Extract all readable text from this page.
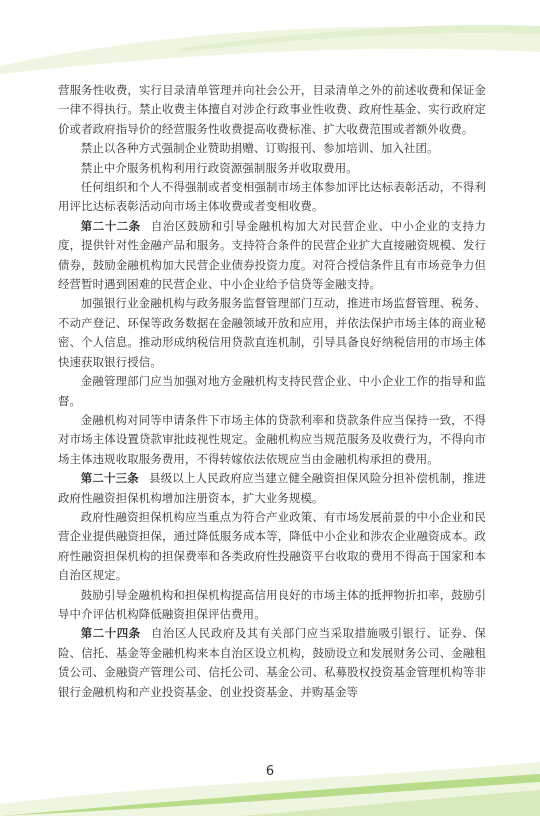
营服务性收费，实行目录清单管理并向社会公开，目录清单之外的前述收费和保证金一律不得执行。禁止收费主体擅自对涉企行政事业性收费、政府性基金、实行政府定价或者政府指导价的经营服务性收费提高收费标准、扩大收费范围或者额外收费。

禁止以各种方式强制企业赞助捐赠、订购报刊、参加培训、加入社团。

禁止中介服务机构利用行政资源强制服务并收取费用。

任何组织和个人不得强制或者变相强制市场主体参加评比达标表彰活动，不得利用评比达标表彰活动向市场主体收费或者变相收费。

第二十二条 自治区鼓励和引导金融机构加大对民营企业、中小企业的支持力度，提供针对性金融产品和服务。支持符合条件的民营企业扩大直接融资规模、发行债券，鼓励金融机构加大民营企业债券投资力度。对符合授信条件且有市场竞争力但经营暂时遇到困难的民营企业、中小企业给予信贷等金融支持。

加强银行业金融机构与政务服务监督管理部门互动，推进市场监督管理、税务、不动产登记、环保等政务数据在金融领域开放和应用，并依法保护市场主体的商业秘密、个人信息。推动形成纳税信用贷款直连机制，引导具备良好纳税信用的市场主体快速获取银行授信。

金融管理部门应当加强对地方金融机构支持民营企业、中小企业工作的指导和监督。

金融机构对同等申请条件下市场主体的贷款利率和贷款条件应当保持一致，不得对市场主体设置贷款审批歧视性规定。金融机构应当规范服务及收费行为，不得向市场主体违规收取服务费用，不得转嫁依法依规应当由金融机构承担的费用。

第二十三条 县级以上人民政府应当建立健全融资担保风险分担补偿机制，推进政府性融资担保机构增加注册资本，扩大业务规模。

政府性融资担保机构应当重点为符合产业政策、有市场发展前景的中小企业和民营企业提供融资担保，通过降低服务成本等，降低中小企业和涉农企业融资成本。政府性融资担保机构的担保费率和各类政府性投融资平台收取的费用不得高于国家和本自治区规定。

鼓励引导金融机构和担保机构提高信用良好的市场主体的抵押物折扣率，鼓励引导中介评估机构降低融资担保评估费用。

第二十四条 自治区人民政府及其有关部门应当采取措施吸引银行、证券、保险、信托、基金等金融机构来本自治区设立机构，鼓励设立和发展财务公司、金融租赁公司、金融资产管理公司、信托公司、基金公司、私募股权投资基金管理机构等非银行金融机构和产业投资基金、创业投资基金、并购基金等

6
